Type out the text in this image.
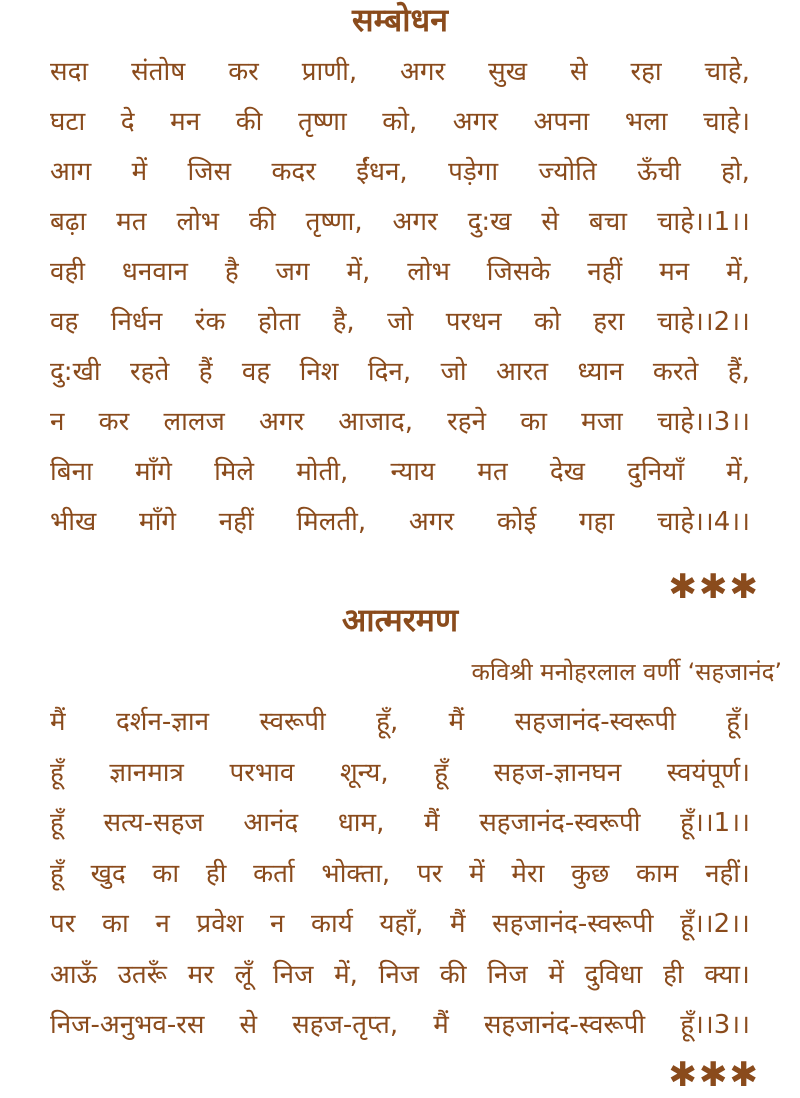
सम्बोधन
सदा संतोष कर प्राणी, अगर सुख से रहा चाहे,
घटा दे मन की तृष्णा को, अगर अपना भला चाहे।
आग में जिस कदर ईंधन, पड़ेगा ज्योति ऊँची हो,
बढ़ा मत लोभ की तृष्णा, अगर दु:ख से बचा चाहे।।1।।
वही धनवान है जग में, लोभ जिसके नहीं मन में,
वह निर्धन रंक होता है, जो परधन को हरा चाहे।।2।।
दु:खी रहते हैं वह निश दिन, जो आरत ध्यान करते हैं,
न कर लालज अगर आजाद, रहने का मजा चाहे।।3।।
बिना माँगे मिले मोती, न्याय मत देख दुनियाँ में,
भीख माँगे नहीं मिलती, अगर कोई गहा चाहे।।4।।
✱✱✱
आत्मरमण
कविश्री मनोहरलाल वर्णी ‘सहजानंद’
मैं दर्शन-ज्ञान स्वरूपी हूँ, मैं सहजानंद-स्वरूपी हूँ।
हूँ ज्ञानमात्र परभाव शून्य, हूँ सहज-ज्ञानघन स्वयंपूर्ण।
हूँ सत्य-सहज आनंद धाम, मैं सहजानंद-स्वरूपी हूँ।।1।।
हूँ खुद का ही कर्ता भोक्ता, पर में मेरा कुछ काम नहीं।
पर का न प्रवेश न कार्य यहाँ, मैं सहजानंद-स्वरूपी हूँ।।2।।
आऊँ उतरूँ मर लूँ निज में, निज की निज में दुविधा ही क्या।
निज-अनुभव-रस से सहज-तृप्त, मैं सहजानंद-स्वरूपी हूँ।।3।।
✱✱✱
